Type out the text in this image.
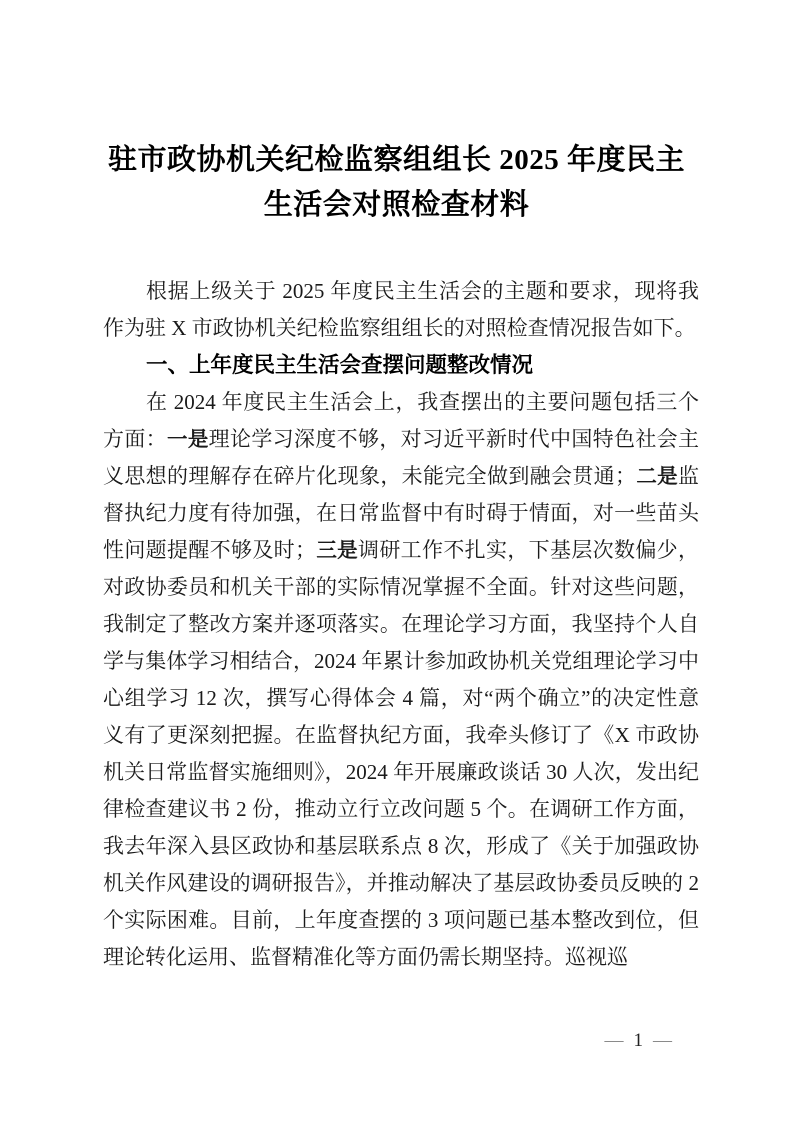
驻市政协机关纪检监察组组长 2025 年度民主
生活会对照检查材料

根据上级关于 2025 年度民主生活会的主题和要求，现将我作为驻 X 市政协机关纪检监察组组长的对照检查情况报告如下。

一、上年度民主生活会查摆问题整改情况

在 2024 年度民主生活会上，我查摆出的主要问题包括三个方面：一是理论学习深度不够，对习近平新时代中国特色社会主义思想的理解存在碎片化现象，未能完全做到融会贯通；二是监督执纪力度有待加强，在日常监督中有时碍于情面，对一些苗头性问题提醒不够及时；三是调研工作不扎实，下基层次数偏少，对政协委员和机关干部的实际情况掌握不全面。针对这些问题，我制定了整改方案并逐项落实。在理论学习方面，我坚持个人自学与集体学习相结合，2024 年累计参加政协机关党组理论学习中心组学习 12 次，撰写心得体会 4 篇，对“两个确立”的决定性意义有了更深刻把握。在监督执纪方面，我牵头修订了《X 市政协机关日常监督实施细则》，2024 年开展廉政谈话 30 人次，发出纪律检查建议书 2 份，推动立行立改问题 5 个。在调研工作方面，我去年深入县区政协和基层联系点 8 次，形成了《关于加强政协机关作风建设的调研报告》，并推动解决了基层政协委员反映的 2 个实际困难。目前，上年度查摆的 3 项问题已基本整改到位，但理论转化运用、监督精准化等方面仍需长期坚持。巡视巡

— 1 —
